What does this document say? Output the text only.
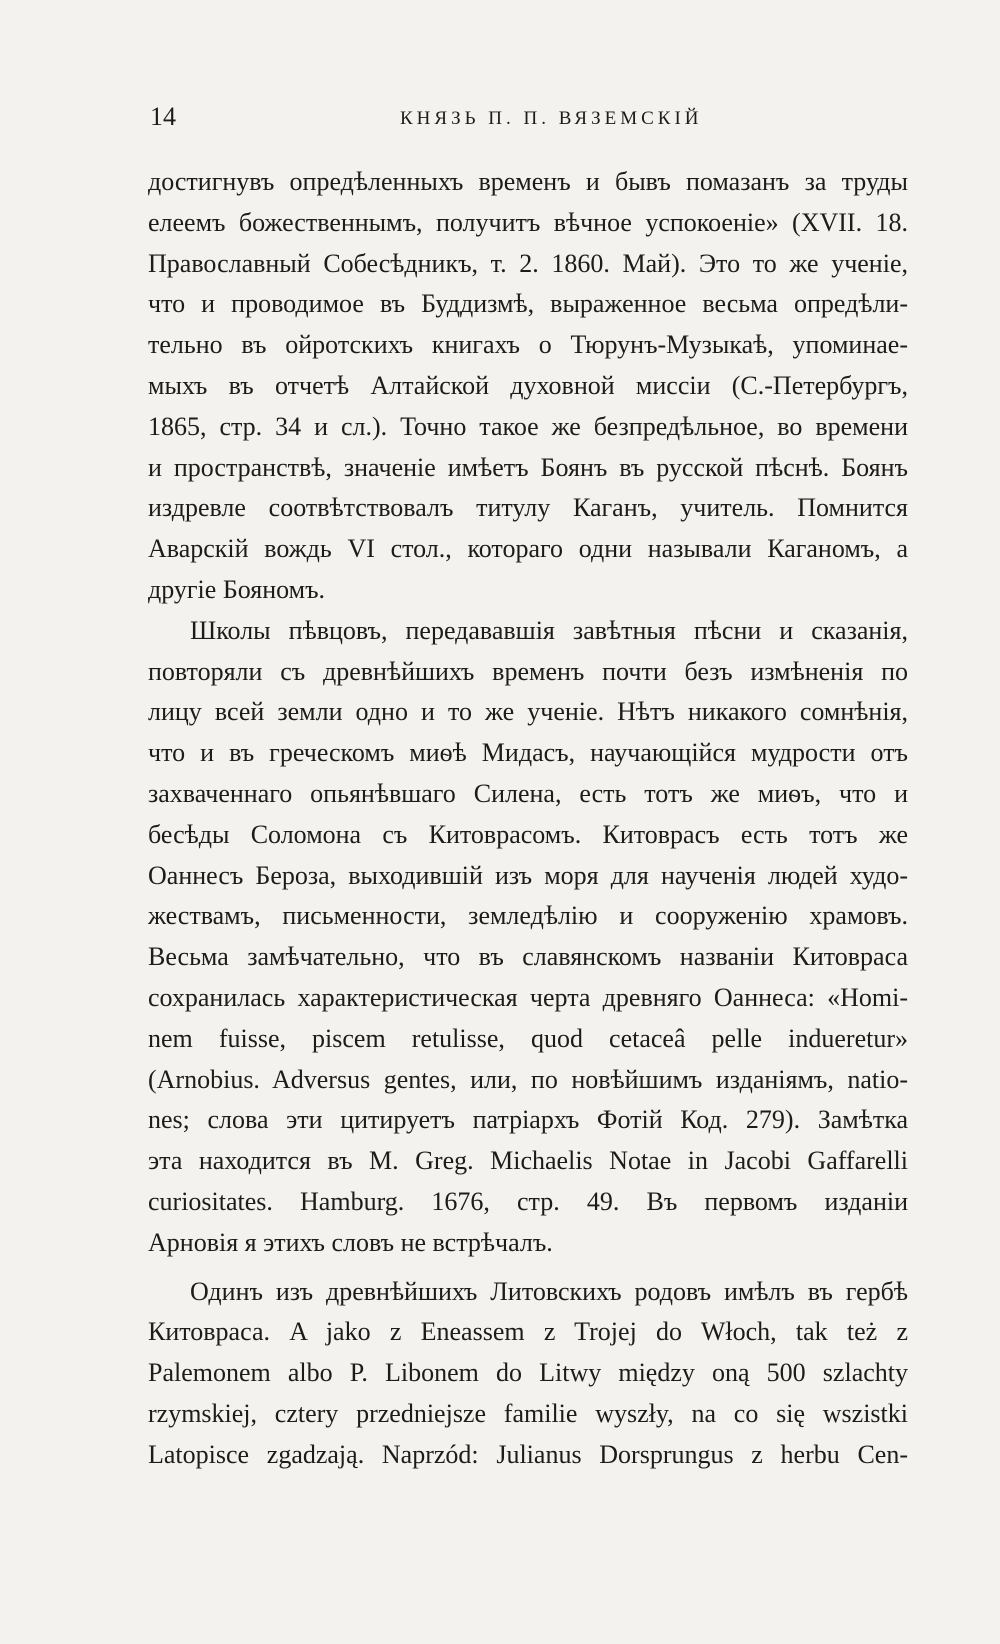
14	КНЯЗЬ П. П. ВЯЗЕМСКІЙ
достигнувъ опредѣленныхъ временъ и бывъ помазанъ за труды
елеемъ божественнымъ, получитъ вѣчное успокоеніе» (XVII. 18.
Православный Собесѣдникъ, т. 2. 1860. Май). Это то же ученіе,
что и проводимое въ Буддизмѣ, выраженное весьма опредѣли-
тельно въ ойротскихъ книгахъ о Тюрунъ-Музыкаѣ, упоминае-
мыхъ въ отчетѣ Алтайской духовной миссіи (С.-Петербургъ,
1865, стр. 34 и сл.). Точно такое же безпредѣльное, во времени
и пространствѣ, значеніе имѣетъ Боянъ въ русской пѣснѣ. Боянъ
издревле соотвѣтствовалъ титулу Каганъ, учитель. Помнится
Аварскій вождь VI стол., котораго одни называли Каганомъ, а
другіе Бояномъ.
Школы пѣвцовъ, передававшія завѣтныя пѣсни и сказанія,
повторяли съ древнѣйшихъ временъ почти безъ измѣненія по
лицу всей земли одно и то же ученіе. Нѣтъ никакого сомнѣнія,
что и въ греческомъ миѳѣ Мидасъ, научающійся мудрости отъ
захваченнаго опьянѣвшаго Силена, есть тотъ же миѳъ, что и
бесѣды Соломона съ Китоврасомъ. Китоврасъ есть тотъ же
Оаннесъ Бероза, выходившій изъ моря для наученія людей худо-
жествамъ, письменности, земледѣлію и сооруженію храмовъ.
Весьма замѣчательно, что въ славянскомъ названіи Китовраса
сохранилась характеристическая черта древняго Оаннеса: «Homi-
nem fuisse, piscem retulisse, quod cetaceâ pelle indueretur»
(Arnobius. Adversus gentes, или, по новѣйшимъ изданіямъ, natio-
nes; слова эти цитируетъ патріархъ Фотій Код. 279). Замѣтка
эта находится въ M. Greg. Michaelis Notae in Jacobi Gaffarelli
curiositates. Hamburg. 1676, стр. 49. Въ первомъ изданіи
Арновія я этихъ словъ не встрѣчалъ.
Одинъ изъ древнѣйшихъ Литовскихъ родовъ имѣлъ въ гербѣ
Китовраса. A jako z Eneassem z Trojej do Włoch, tak też z
Palemonem albo P. Libonem do Litwy między oną 500 szlachty
rzymskiej, cztery przedniejsze familie wyszły, na co się wszistki
Latopisce zgadzają. Naprzód: Julianus Dorsprungus z herbu Cen-
